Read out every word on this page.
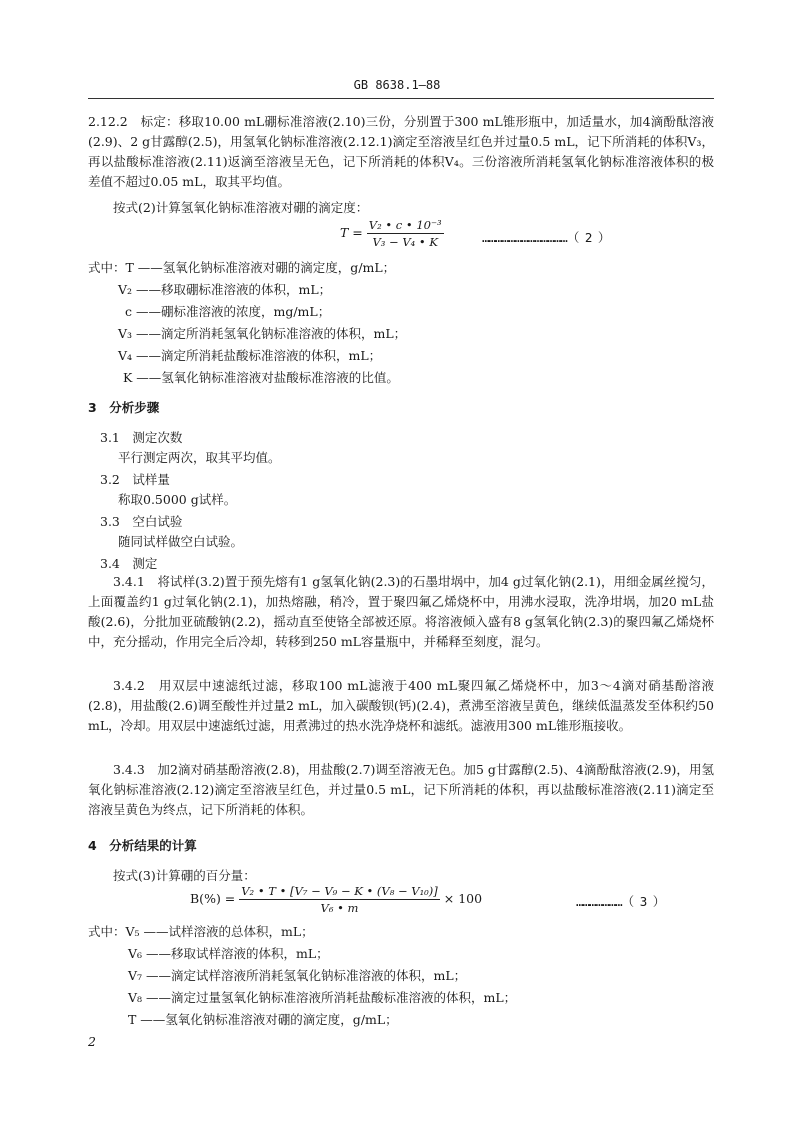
GB 8638.1—88
2.12.2　标定：移取10.00 mL硼标准溶液(2.10)三份，分别置于300 mL锥形瓶中，加适量水，加4滴酚酞溶液(2.9)、2 g甘露醇(2.5)，用氢氧化钠标准溶液(2.12.1)滴定至溶液呈红色并过量0.5 mL，记下所消耗的体积V₃，再以盐酸标准溶液(2.11)返滴至溶液呈无色，记下所消耗的体积V₄。三份溶液所消耗氢氧化钠标准溶液体积的极差值不超过0.05 mL，取其平均值。
按式(2)计算氢氧化钠标准溶液对硼的滴定度：
$T = \frac{\text{V₂ • c • 10⁻³}}{\text{V₃ − V₄ • K}}$	…………………………………（ 2 ）
式中：T ——氢氧化钠标准溶液对硼的滴定度，g/mL；
V₂ ——移取硼标准溶液的体积，mL；
c ——硼标准溶液的浓度，mg/mL；
V₃ ——滴定所消耗氢氧化钠标准溶液的体积，mL；
V₄ ——滴定所消耗盐酸标准溶液的体积，mL；
K ——氢氧化钠标准溶液对盐酸标准溶液的比值。
3　分析步骤
3.1　测定次数
平行测定两次，取其平均值。
3.2　试样量
称取0.5000 g试样。
3.3　空白试验
随同试样做空白试验。
3.4　测定
3.4.1　将试样(3.2)置于预先熔有1 g氢氧化钠(2.3)的石墨坩埚中，加4 g过氧化钠(2.1)，用细金属丝搅匀，上面覆盖约1 g过氧化钠(2.1)，加热熔融，稍冷，置于聚四氟乙烯烧杯中，用沸水浸取，洗净坩埚，加20 mL盐酸(2.6)，分批加亚硫酸钠(2.2)，摇动直至使铬全部被还原。将溶液倾入盛有8 g氢氧化钠(2.3)的聚四氟乙烯烧杯中，充分摇动，作用完全后冷却，转移到250 mL容量瓶中，并稀释至刻度，混匀。
3.4.2　用双层中速滤纸过滤，移取100 mL滤液于400 mL聚四氟乙烯烧杯中，加3～4滴对硝基酚溶液(2.8)，用盐酸(2.6)调至酸性并过量2 mL，加入碳酸钡(钙)(2.4)，煮沸至溶液呈黄色，继续低温蒸发至体积约50 mL，冷却。用双层中速滤纸过滤，用煮沸过的热水洗净烧杯和滤纸。滤液用300 mL锥形瓶接收。
3.4.3　加2滴对硝基酚溶液(2.8)，用盐酸(2.7)调至溶液无色。加5 g甘露醇(2.5)、4滴酚酞溶液(2.9)，用氢氧化钠标准溶液(2.12)滴定至溶液呈红色，并过量0.5 mL，记下所消耗的体积，再以盐酸标准溶液(2.11)滴定至溶液呈黄色为终点，记下所消耗的体积。
4　分析结果的计算
按式(3)计算硼的百分量：
$B(\%) = \frac{\text{V₂ • T • [V₇ − V₉ − K • (V₈ − V₁₀)]}}{\text{V₆ • m}} \times 100$	…………………（ 3 ）
式中：V₅ ——试样溶液的总体积，mL；
V₆ ——移取试样溶液的体积，mL；
V₇ ——滴定试样溶液所消耗氢氧化钠标准溶液的体积，mL；
V₈ ——滴定过量氢氧化钠标准溶液所消耗盐酸标准溶液的体积，mL；
T ——氢氧化钠标准溶液对硼的滴定度，g/mL；
2
